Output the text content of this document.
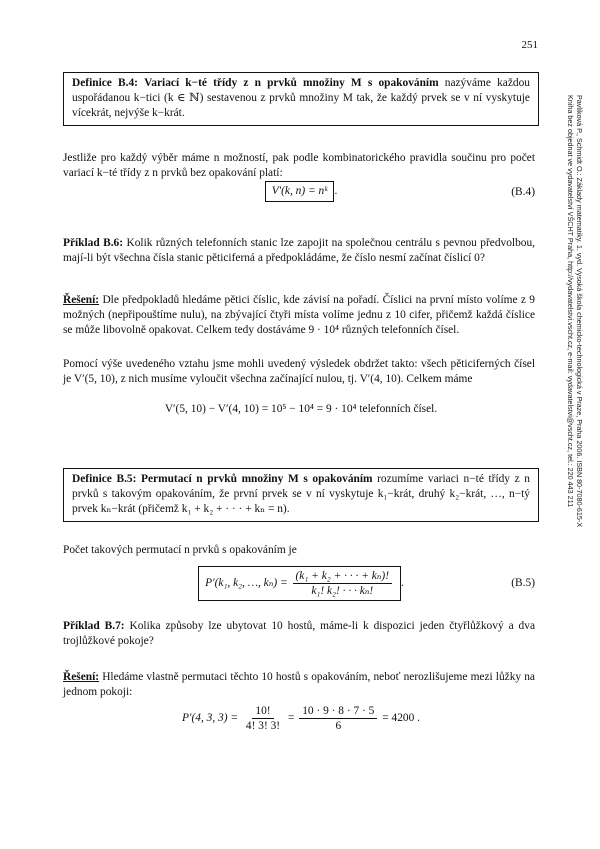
251
Pavlíková P., Schmidt O.: Základy matematiky. 1. vyd. Vysoká škola chemicko-technologická v Praze, Praha 2006. ISBN 80-7080-615-X
Kniha bez objednat ve vydavatelství VŠCHT Praha, http://vydavatelstvi.vscht.cz, e-mail: vydavatelstvi@vscht.cz, tel.: 220 443 211
Definice B.4: Variací k−té třídy z n prvků množiny M s opakováním nazýváme každou uspořádanou k−tici (k ∈ ℕ) sestavenou z prvků množiny M tak, že každý prvek se v ní vyskytuje vícekrát, nejvýše k−krát.
Jestliže pro každý výběr máme n možností, pak podle kombinatorického pravidla součinu pro počet variací k−té třídy z n prvků bez opakování platí:
V′(k, n) = nᵏ .	(B.4)
Příklad B.6: Kolik různých telefonních stanic lze zapojit na společnou centrálu s pevnou předvolbou, mají-li být všechna čísla stanic pěticiferná a předpokládáme, že číslo nesmí začínat číslicí 0?
Řešení: Dle předpokladů hledáme pětici číslic, kde závisí na pořadí. Číslici na první místo volíme z 9 možných (nepřipouštíme nulu), na zbývající čtyři místa volíme jednu z 10 cifer, přičemž každá číslice se může libovolně opakovat. Celkem tedy dostáváme 9 · 10⁴ různých telefonních čísel.
Pomocí výše uvedeného vztahu jsme mohli uvedený výsledek obdržet takto: všech pěticiferných čísel je V′(5, 10), z nich musíme vyloučit všechna začínající nulou, tj. V′(4, 10). Celkem máme
V′(5, 10) − V′(4, 10) = 10⁵ − 10⁴ = 9 · 10⁴ telefonních čísel.
Definice B.5: Permutací n prvků množiny M s opakováním rozumíme variaci n−té třídy z n prvků s takovým opakováním, že první prvek se v ní vyskytuje k₁−krát, druhý k₂−krát, …, n−tý prvek kₙ−krát (přičemž k₁ + k₂ + · · · + kₙ = n).
Počet takových permutací n prvků s opakováním je
P′(k₁, k₂, …, $k_n) = \frac{\text{(k₁ + k₂ + · · · + kₙ)!}}{\text{k₁! k₂! · · · kₙ!}}$ .	(B.5)
Příklad B.7: Kolika způsoby lze ubytovat 10 hostů, máme-li k dispozici jeden čtyřlůžkový a dva trojlůžkové pokoje?
Řešení: Hledáme vlastně permutaci těchto 10 hostů s opakováním, neboť nerozlišujeme mezi lůžky na jednom pokoji:
P′(4, 3, $3) = \frac{10!}{4! 3! 3!} = \frac{10 \cdot 9 \cdot 8 \cdot 7 \cdot 5}{6} = 4200$ .
